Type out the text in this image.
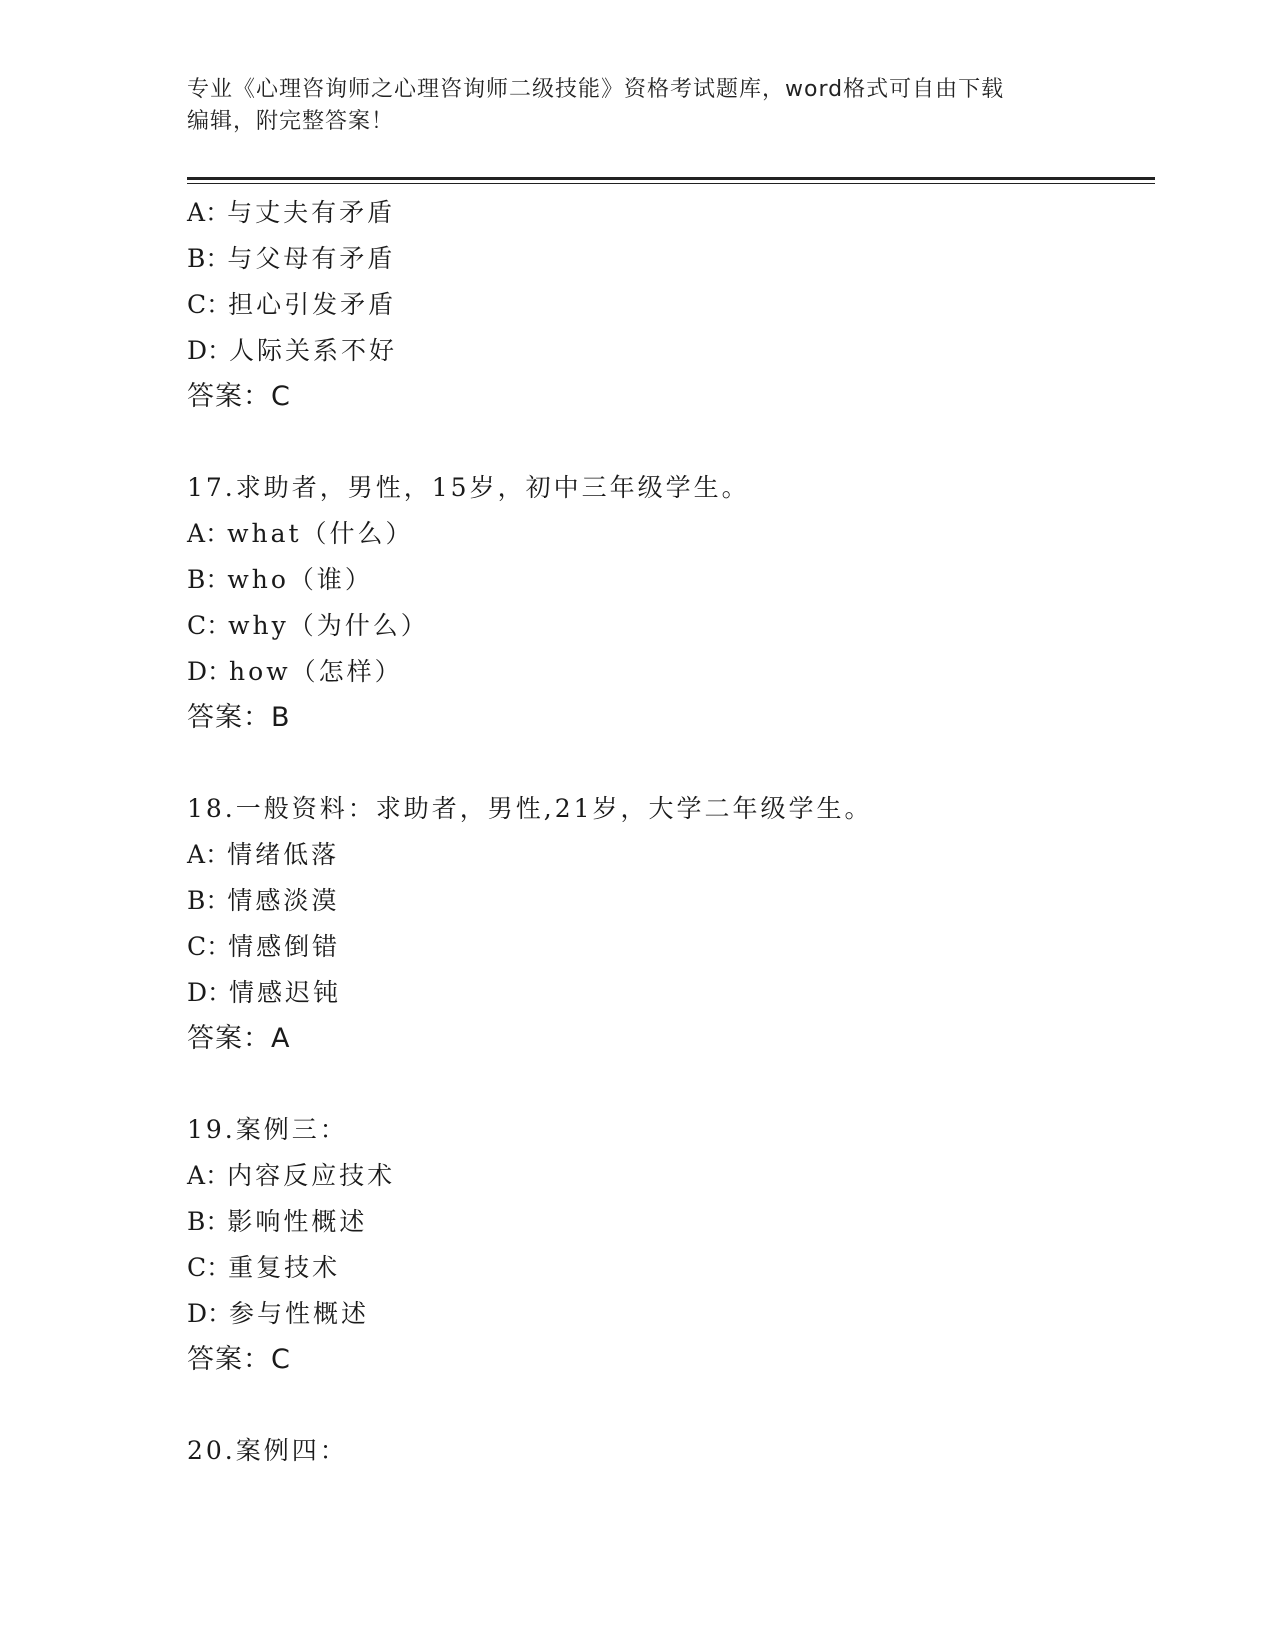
专业《心理咨询师之心理咨询师二级技能》资格考试题库，word格式可自由下载
编辑，附完整答案！
A：与丈夫有矛盾
B：与父母有矛盾
C：担心引发矛盾
D：人际关系不好
答案：C
17.求助者，男性，15岁，初中三年级学生。
A：what（什么）
B：who（谁）
C：why（为什么）
D：how（怎样）
答案：B
18.一般资料：求助者，男性,21岁，大学二年级学生。
A：情绪低落
B：情感淡漠
C：情感倒错
D：情感迟钝
答案：A
19.案例三：
A：内容反应技术
B：影响性概述
C：重复技术
D：参与性概述
答案：C
20.案例四：
